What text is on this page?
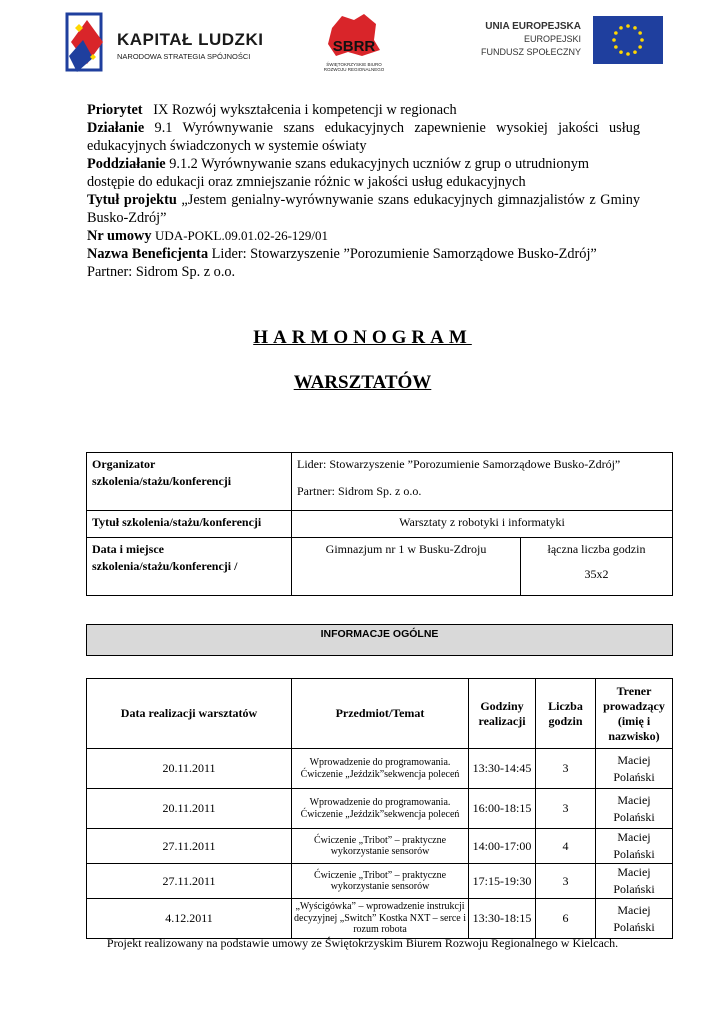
KAPITAŁ LUDZKI
NARODOWA STRATEGIA SPÓJNOŚCI
SBRR
ŚWIĘTOKRZYSKIE BIURO
ROZWOJU REGIONALNEGO
UNIA EUROPEJSKA
EUROPEJSKI
FUNDUSZ SPOŁECZNY

Priorytet IX Rozwój wykształcenia i kompetencji w regionach

Działanie 9.1 Wyrównywanie szans edukacyjnych zapewnienie wysokiej jakości usług edukacyjnych świadczonych w systemie oświaty

Poddziałanie 9.1.2 Wyrównywanie szans edukacyjnych uczniów z grup o utrudnionym dostępie do edukacji oraz zmniejszanie różnic w jakości usług edukacyjnych

Tytuł projektu „Jestem genialny-wyrównywanie szans edukacyjnych gimnazjalistów z Gminy Busko-Zdrój”

Nr umowy UDA-POKL.09.01.02-26-129/01

Nazwa Beneficjenta Lider: Stowarzyszenie ”Porozumienie Samorządowe Busko-Zdrój”

Partner: Sidrom Sp. z o.o.

HARMONOGRAM
WARSZTATÓW
Organizator szkolenia/stażu/konferencji	Lider: Stowarzyszenie ”Porozumienie Samorządowe Busko-Zdrój”
Partner: Sidrom Sp. z o.o.	

Tytuł szkolenia/stażu/konferencji	Warsztaty z robotyki i informatyki	
Data i miejsce szkolenia/stażu/konferencji /	Gimnazjum nr 1 w Busku-Zdroju	łączna liczba godzin
35x2
INFORMACJE OGÓLNE
Data realizacji warsztatów	Przedmiot/Temat	Godziny realizacji	Liczba godzin	Trener prowadzący (imię i nazwisko)
20.11.2011	Wprowadzenie do programowania. Ćwiczenie „Jeździk”sekwencja poleceń	13:30-14:45	3	Maciej Polański
20.11.2011	Wprowadzenie do programowania. Ćwiczenie „Jeździk”sekwencja poleceń	16:00-18:15	3	Maciej Polański
27.11.2011	Ćwiczenie „Tribot” – praktyczne wykorzystanie sensorów	14:00-17:00	4	Maciej Polański
27.11.2011	Ćwiczenie „Tribot” – praktyczne wykorzystanie sensorów	17:15-19:30	3	Maciej Polański
4.12.2011	„Wyścigówka” – wprowadzenie instrukcji decyzyjnej „Switch” Kostka NXT – serce i rozum robota	13:30-18:15	6	Maciej Polański
Projekt realizowany na podstawie umowy ze Świętokrzyskim Biurem Rozwoju Regionalnego w Kielcach.
